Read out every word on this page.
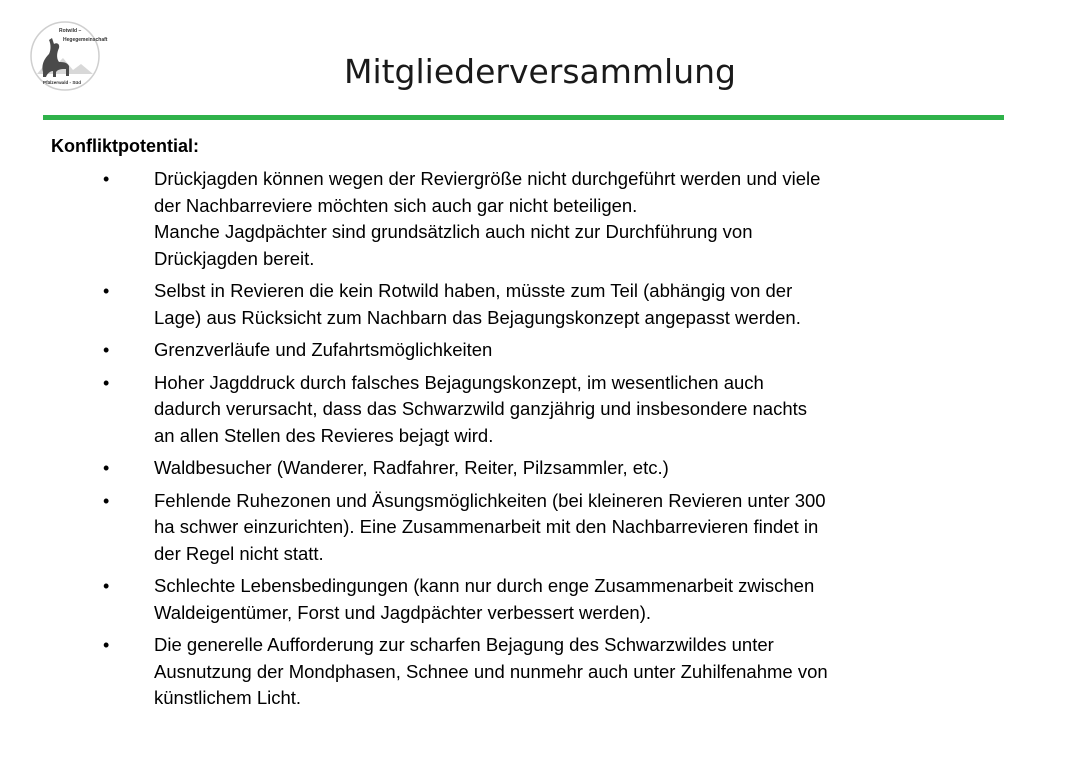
Rotwild –
Hegegemeinschaft
Pfälzerwald - Süd	Mitgliederversammlung
Konfliktpotential:
• Drückjagden können wegen der Reviergröße nicht durchgeführt werden und viele
der Nachbarreviere möchten sich auch gar nicht beteiligen.
Manche Jagdpächter sind grundsätzlich auch nicht zur Durchführung von
Drückjagden bereit.
• Selbst in Revieren die kein Rotwild haben, müsste zum Teil (abhängig von der
Lage) aus Rücksicht zum Nachbarn das Bejagungskonzept angepasst werden.
• Grenzverläufe und Zufahrtsmöglichkeiten
• Hoher Jagddruck durch falsches Bejagungskonzept, im wesentlichen auch
dadurch verursacht, dass das Schwarzwild ganzjährig und insbesondere nachts
an allen Stellen des Revieres bejagt wird.
• Waldbesucher (Wanderer, Radfahrer, Reiter, Pilzsammler, etc.)
• Fehlende Ruhezonen und Äsungsmöglichkeiten (bei kleineren Revieren unter 300
ha schwer einzurichten). Eine Zusammenarbeit mit den Nachbarrevieren findet in
der Regel nicht statt.
• Schlechte Lebensbedingungen (kann nur durch enge Zusammenarbeit zwischen
Waldeigentümer, Forst und Jagdpächter verbessert werden).
• Die generelle Aufforderung zur scharfen Bejagung des Schwarzwildes unter
Ausnutzung der Mondphasen, Schnee und nunmehr auch unter Zuhilfenahme von
künstlichem Licht.
